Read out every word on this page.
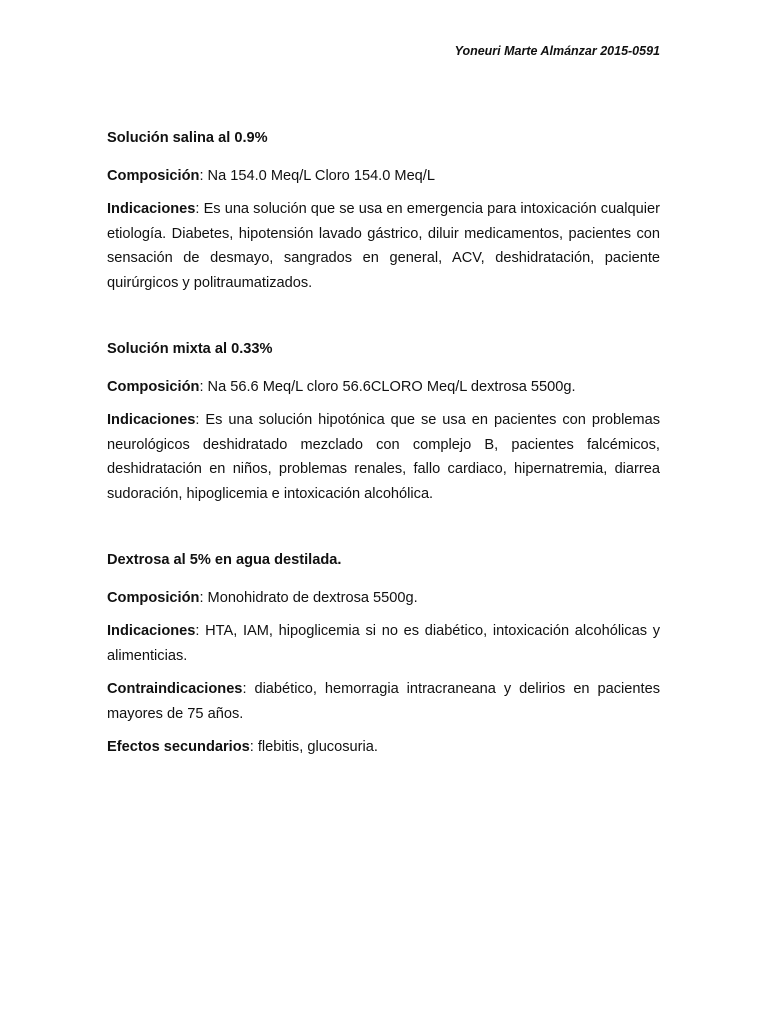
Yoneuri Marte Almánzar 2015-0591

Solución salina al 0.9%

Composición: Na 154.0 Meq/L Cloro 154.0 Meq/L

Indicaciones: Es una solución que se usa en emergencia para intoxicación cualquier etiología. Diabetes, hipotensión lavado gástrico, diluir medicamentos, pacientes con sensación de desmayo, sangrados en general, ACV, deshidratación, paciente quirúrgicos y politraumatizados.

Solución mixta al 0.33%

Composición: Na 56.6 Meq/L cloro 56.6CLORO Meq/L dextrosa 5500g.

Indicaciones: Es una solución hipotónica que se usa en pacientes con problemas neurológicos deshidratado mezclado con complejo B, pacientes falcémicos, deshidratación en niños, problemas renales, fallo cardiaco, hipernatremia, diarrea sudoración, hipoglicemia e intoxicación alcohólica.

Dextrosa al 5% en agua destilada.

Composición: Monohidrato de dextrosa 5500g.

Indicaciones: HTA, IAM, hipoglicemia si no es diabético, intoxicación alcohólicas y alimenticias.

Contraindicaciones: diabético, hemorragia intracraneana y delirios en pacientes mayores de 75 años.

Efectos secundarios: flebitis, glucosuria.
